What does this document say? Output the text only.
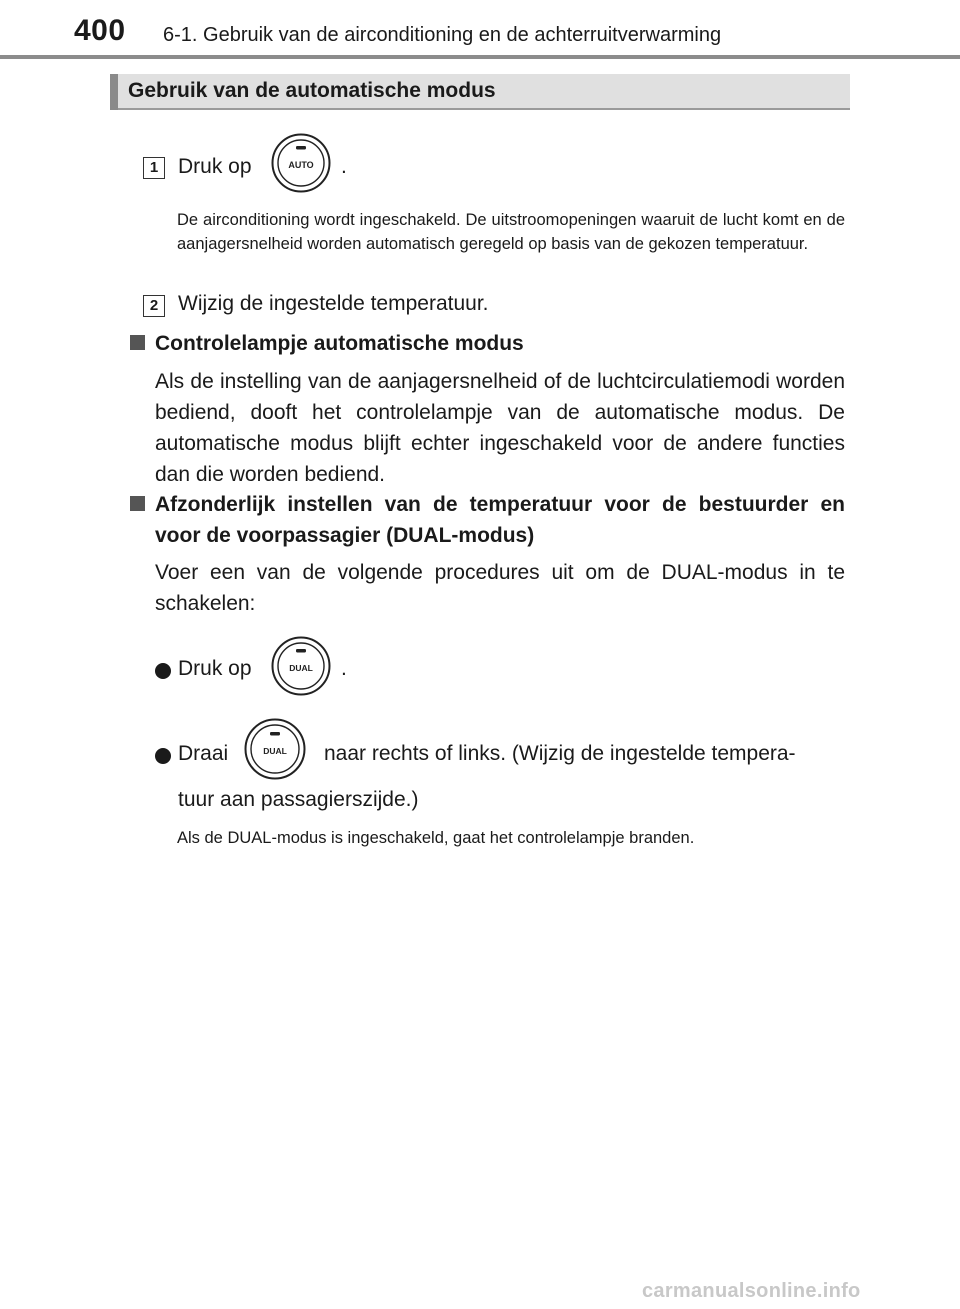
400 6-1. Gebruik van de airconditioning en de achterruitverwarming
Gebruik van de automatische modus
1 Druk op	AUTO .
De airconditioning wordt ingeschakeld. De uitstroomopeningen waaruit de lucht komt en de aanjagersnelheid worden automatisch geregeld op basis van de gekozen temperatuur.
2 Wijzig de ingestelde temperatuur.
Controlelampje automatische modus
Als de instelling van de aanjagersnelheid of de luchtcirculatiemodi worden bediend, dooft het controlelampje van de automatische modus. De automatische modus blijft echter ingeschakeld voor de andere functies dan die worden bediend.
Afzonderlijk instellen van de temperatuur voor de bestuurder en voor de voorpassagier (DUAL-modus)
Voer een van de volgende procedures uit om de DUAL-modus in te schakelen:
Druk op	DUAL .
Draai	DUAL naar rechts of links. (Wijzig de ingestelde tempera-
tuur aan passagierszijde.)
Als de DUAL-modus is ingeschakeld, gaat het controlelampje branden.
carmanualsonline.info
